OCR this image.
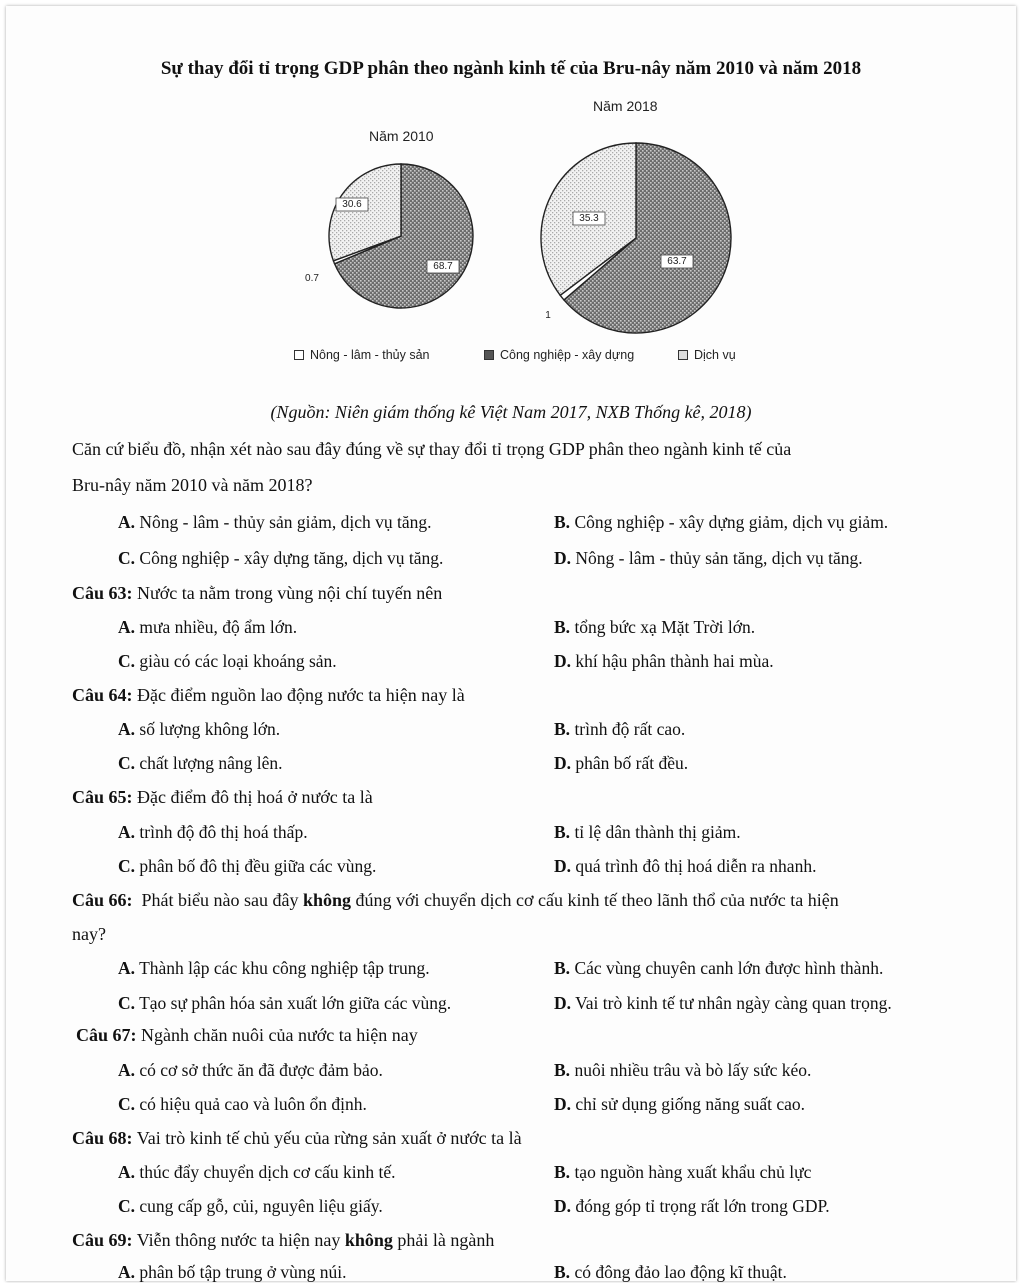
Sự thay đổi tỉ trọng GDP phân theo ngành kinh tế của Bru-nây năm 2010 và năm 2018
Năm 2010
Năm 2018
0.7
68.7
30.6
1
63.7
35.3
Nông - lâm - thủy sản	Công nghiệp - xây dựng	Dịch vụ
(Nguồn: Niên giám thống kê Việt Nam 2017, NXB Thống kê, 2018)
Căn cứ biểu đồ, nhận xét nào sau đây đúng về sự thay đổi tỉ trọng GDP phân theo ngành kinh tế của
Bru-nây năm 2010 và năm 2018?
A. Nông - lâm - thủy sản giảm, dịch vụ tăng.	B. Công nghiệp - xây dựng giảm, dịch vụ giảm.
C. Công nghiệp - xây dựng tăng, dịch vụ tăng.	D. Nông - lâm - thủy sản tăng, dịch vụ tăng.
Câu 63: Nước ta nằm trong vùng nội chí tuyến nên
A. mưa nhiều, độ ẩm lớn.	B. tổng bức xạ Mặt Trời lớn.
C. giàu có các loại khoáng sản.	D. khí hậu phân thành hai mùa.
Câu 64: Đặc điểm nguồn lao động nước ta hiện nay là
A. số lượng không lớn.	B. trình độ rất cao.
C. chất lượng nâng lên.	D. phân bố rất đều.
Câu 65: Đặc điểm đô thị hoá ở nước ta là
A. trình độ đô thị hoá thấp.	B. tỉ lệ dân thành thị giảm.
C. phân bố đô thị đều giữa các vùng.	D. quá trình đô thị hoá diễn ra nhanh.
Câu 66: Phát biểu nào sau đây không đúng với chuyển dịch cơ cấu kinh tế theo lãnh thổ của nước ta hiện
nay?
A. Thành lập các khu công nghiệp tập trung.	B. Các vùng chuyên canh lớn được hình thành.
C. Tạo sự phân hóa sản xuất lớn giữa các vùng.	D. Vai trò kinh tế tư nhân ngày càng quan trọng.
Câu 67: Ngành chăn nuôi của nước ta hiện nay
A. có cơ sở thức ăn đã được đảm bảo.	B. nuôi nhiều trâu và bò lấy sức kéo.
C. có hiệu quả cao và luôn ổn định.	D. chỉ sử dụng giống năng suất cao.
Câu 68: Vai trò kinh tế chủ yếu của rừng sản xuất ở nước ta là
A. thúc đẩy chuyển dịch cơ cấu kinh tế.	B. tạo nguồn hàng xuất khẩu chủ lực
C. cung cấp gỗ, củi, nguyên liệu giấy.	D. đóng góp tỉ trọng rất lớn trong GDP.
Câu 69: Viễn thông nước ta hiện nay không phải là ngành
A. phân bố tập trung ở vùng núi.	B. có đông đảo lao động kĩ thuật.
